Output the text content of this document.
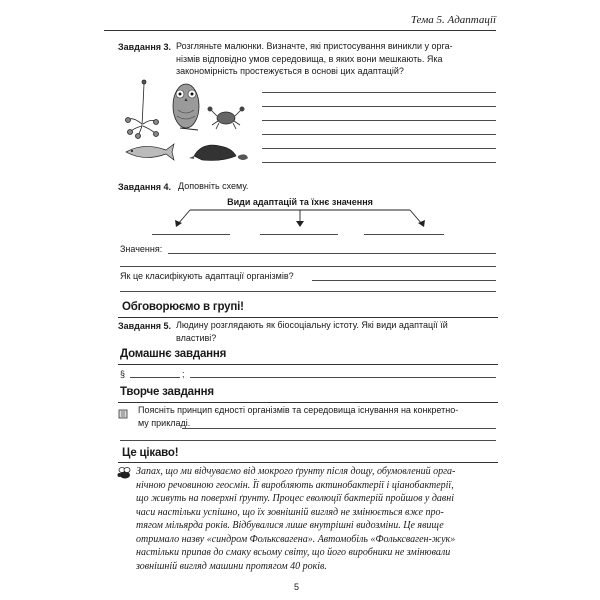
Тема 5. Адаптації
Завдання 3. Розгляньте малюнки. Визначте, які пристосування виникли у орга-
нізмів відповідно умов середовища, в яких вони мешкають. Яка
закономірність простежується в основі цих адаптацій?
Завдання 4. Доповніть схему.
Види адаптацій та їхнє значення
Значення:
Як це класифікують адаптації організмів?
Обговорюємо в групі!
Завдання 5. Людину розглядають як біосоціальну істоту. Які види адаптації їй
властиві?
Домашнє завдання
§	;
Творче завдання
Поясніть принцип єдності організмів та середовища існування на конкретно-
му прикладі.
Це цікаво!
Запах, що ми відчуваємо від мокрого ґрунту після дощу, обумовлений орга-
нічною речовиною геосмін. Її виробляють актинобактерії і ціанобактерії,
що живуть на поверхні ґрунту. Процес еволюції бактерій пройшов у давні
часи настільки успішно, що їх зовнішній вигляд не змінюється вже про-
тягом мільярда років. Відбувалися лише внутрішні видозміни. Це явище
отримало назву «синдром Фольксвагена». Автомобіль «Фольксваген-жук»
настільки припав до смаку всьому світу, що його виробники не змінювали
зовнішній вигляд машини протягом 40 років.
5
